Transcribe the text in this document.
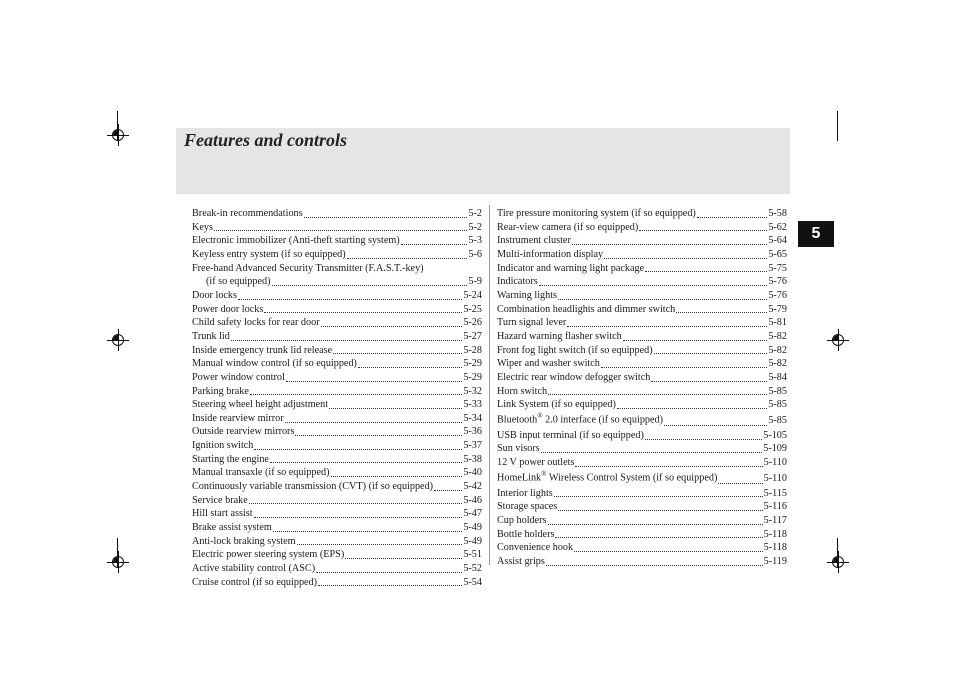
Features and controls
5
Break-in recommendations	5-2
Keys	5-2
Electronic immobilizer (Anti-theft starting system)	5-3
Keyless entry system (if so equipped)	5-6
Free-hand Advanced Security Transmitter (F.A.S.T.-key)
(if so equipped)	5-9
Door locks	5-24
Power door locks	5-25
Child safety locks for rear door	5-26
Trunk lid	5-27
Inside emergency trunk lid release	5-28
Manual window control (if so equipped)	5-29
Power window control	5-29
Parking brake	5-32
Steering wheel height adjustment	5-33
Inside rearview mirror	5-34
Outside rearview mirrors	5-36
Ignition switch	5-37
Starting the engine	5-38
Manual transaxle (if so equipped)	5-40
Continuously variable transmission (CVT) (if so equipped)	5-42
Service brake	5-46
Hill start assist	5-47
Brake assist system	5-49
Anti-lock braking system	5-49
Electric power steering system (EPS)	5-51
Active stability control (ASC)	5-52
Cruise control (if so equipped)	5-54
Tire pressure monitoring system (if so equipped)	5-58
Rear-view camera (if so equipped)	5-62
Instrument cluster	5-64
Multi-information display	5-65
Indicator and warning light package	5-75
Indicators	5-76
Warning lights	5-76
Combination headlights and dimmer switch	5-79
Turn signal lever	5-81
Hazard warning flasher switch	5-82
Front fog light switch (if so equipped)	5-82
Wiper and washer switch	5-82
Electric rear window defogger switch	5-84
Horn switch	5-85
Link System (if so equipped)	5-85
Bluetooth® 2.0 interface (if so equipped)	5-85
USB input terminal (if so equipped)	5-105
Sun visors	5-109
12 V power outlets	5-110
HomeLink® Wireless Control System (if so equipped)	5-110
Interior lights	5-115
Storage spaces	5-116
Cup holders	5-117
Bottle holders	5-118
Convenience hook	5-118
Assist grips	5-119
